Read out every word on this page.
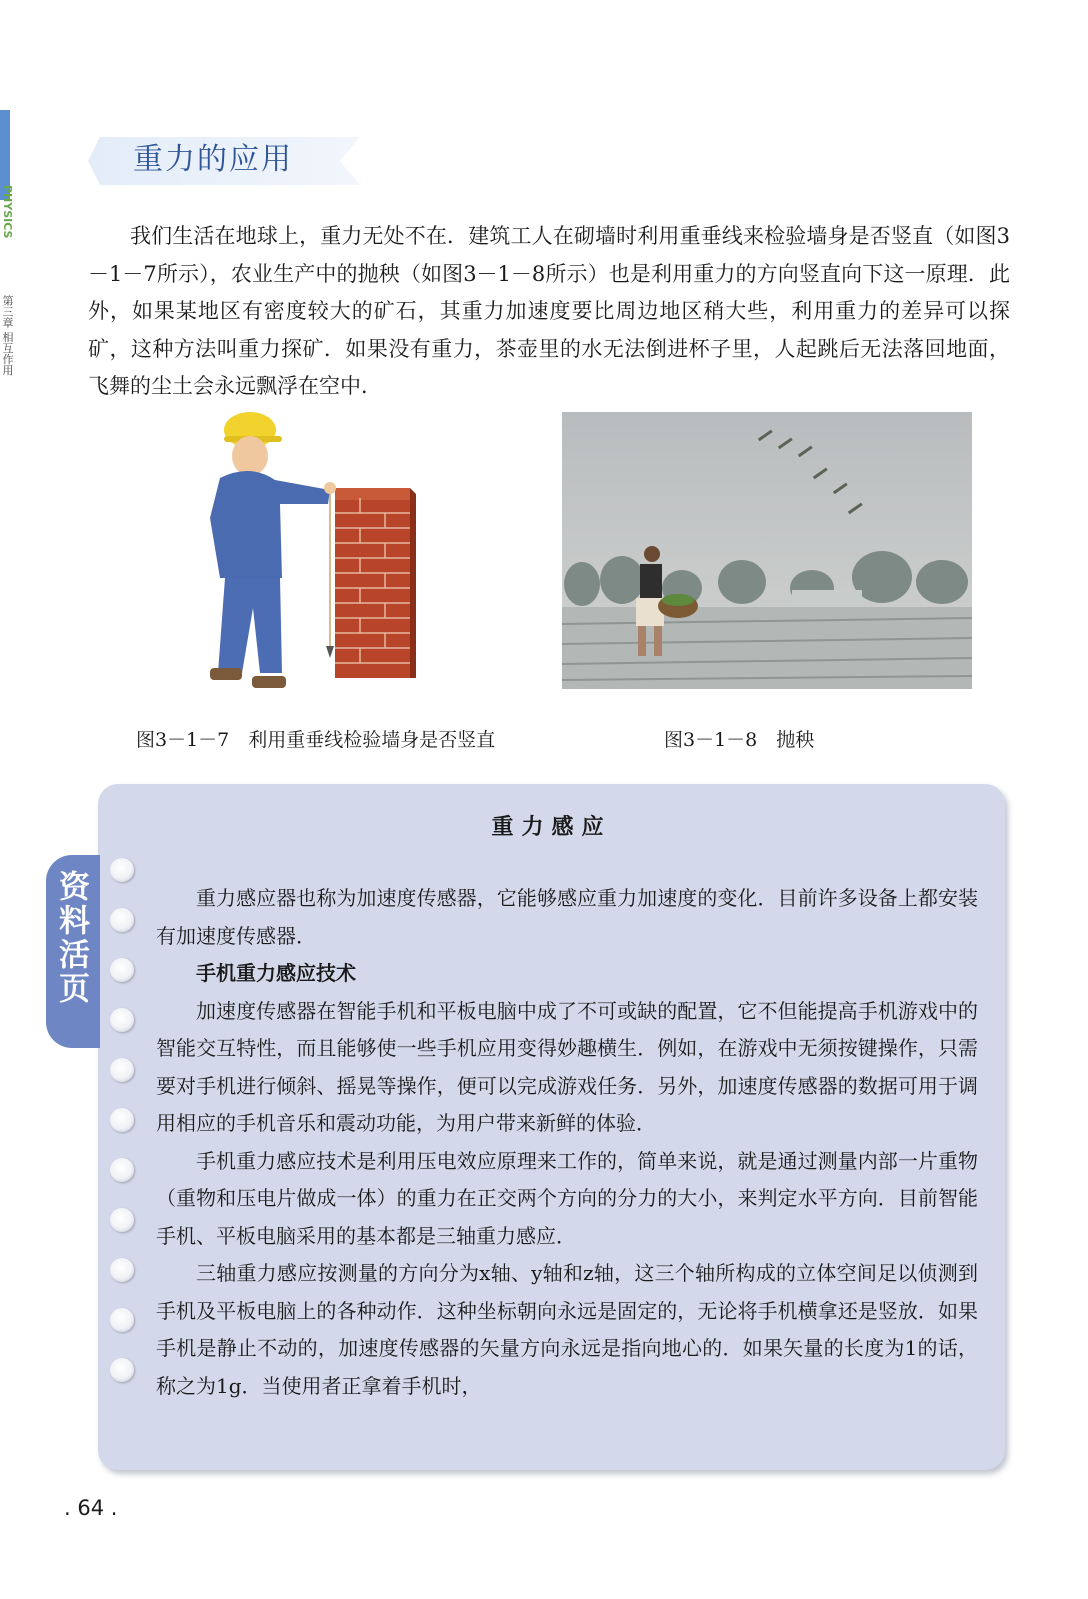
PHYSICS
第三章 相互作用
重力的应用

我们生活在地球上，重力无处不在．建筑工人在砌墙时利用重垂线来检验墙身是否竖直（如图3－1－7所示），农业生产中的抛秧（如图3－1－8所示）也是利用重力的方向竖直向下这一原理．此外，如果某地区有密度较大的矿石，其重力加速度要比周边地区稍大些，利用重力的差异可以探矿，这种方法叫重力探矿．如果没有重力，茶壶里的水无法倒进杯子里，人起跳后无法落回地面，飞舞的尘土会永远飘浮在空中．

图3－1－7　利用重垂线检验墙身是否竖直	图3－1－8　抛秧
资料活页
重力感应

重力感应器也称为加速度传感器，它能够感应重力加速度的变化．目前许多设备上都安装有加速度传感器．

手机重力感应技术

加速度传感器在智能手机和平板电脑中成了不可或缺的配置，它不但能提高手机游戏中的智能交互特性，而且能够使一些手机应用变得妙趣横生．例如，在游戏中无须按键操作，只需要对手机进行倾斜、摇晃等操作，便可以完成游戏任务．另外，加速度传感器的数据可用于调用相应的手机音乐和震动功能，为用户带来新鲜的体验．

手机重力感应技术是利用压电效应原理来工作的，简单来说，就是通过测量内部一片重物（重物和压电片做成一体）的重力在正交两个方向的分力的大小，来判定水平方向．目前智能手机、平板电脑采用的基本都是三轴重力感应．

三轴重力感应按测量的方向分为x轴、y轴和z轴，这三个轴所构成的立体空间足以侦测到手机及平板电脑上的各种动作．这种坐标朝向永远是固定的，无论将手机横拿还是竖放．如果手机是静止不动的，加速度传感器的矢量方向永远是指向地心的．如果矢量的长度为1的话，称之为1g．当使用者正拿着手机时，

. 64 .
